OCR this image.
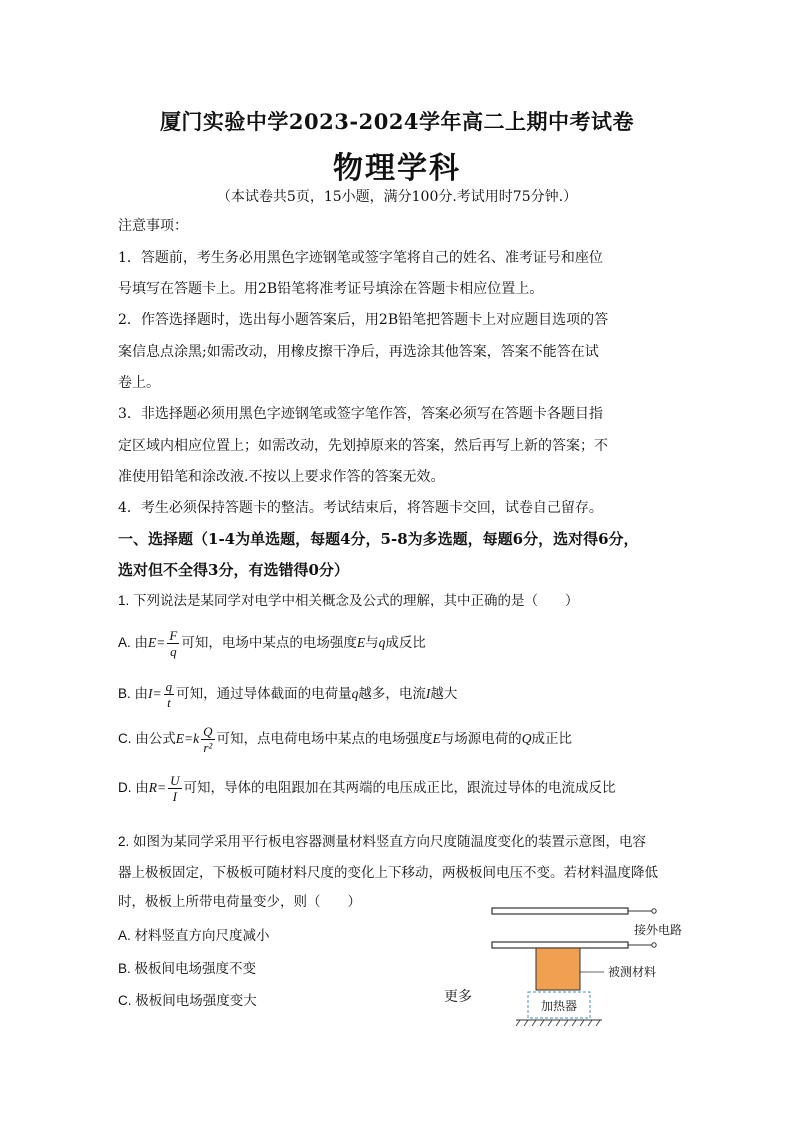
厦门实验中学2023-2024学年高二上期中考试卷
物理学科
（本试卷共5页，15小题，满分100分.考试用时75分钟.）
注意事项：
1．答题前，考生务必用黑色字迹钢笔或签字笔将自己的姓名、准考证号和座位
号填写在答题卡上。用2B铅笔将准考证号填涂在答题卡相应位置上。
2．作答选择题时，选出每小题答案后，用2B铅笔把答题卡上对应题目选项的答
案信息点涂黑;如需改动，用橡皮擦干净后，再选涂其他答案，答案不能答在试
卷上。
3．非选择题必须用黑色字迹钢笔或签字笔作答，答案必须写在答题卡各题目指
定区域内相应位置上；如需改动，先划掉原来的答案，然后再写上新的答案；不
准使用铅笔和涂改液.不按以上要求作答的答案无效。
4．考生必须保持答题卡的整洁。考试结束后，将答题卡交回，试卷自己留存。
一、选择题（1-4为单选题，每题4分，5-8为多选题，每题6分，选对得6分，
选对但不全得3分，有选错得0分）
1. 下列说法是某同学对电学中相关概念及公式的理解，其中正确的是（　　）
A. 由$E= \frac{F}{q}$ 可知，电场中某点的电场强度E与q成反比
B. 由$I= \frac{q}{t}$ 可知，通过导体截面的电荷量q越多，电流I越大
C. 由公式$E=k \frac{Q}{\text{r²}}$ 可知，点电荷电场中某点的电场强度E与场源电荷的Q成正比
D. 由$R= \frac{U}{I}$ 可知，导体的电阻跟加在其两端的电压成正比，跟流过导体的电流成反比
2. 如图为某同学采用平行板电容器测量材料竖直方向尺度随温度变化的装置示意图，电容
器上极板固定，下极板可随材料尺度的变化上下移动，两极板间电压不变。若材料温度降低
时，极板上所带电荷量变少，则（　　）
A. 材料竖直方向尺度减小
B. 极板间电场强度不变
C. 极板间电场强度变大	更多
接外电路
被测材料
加热器
